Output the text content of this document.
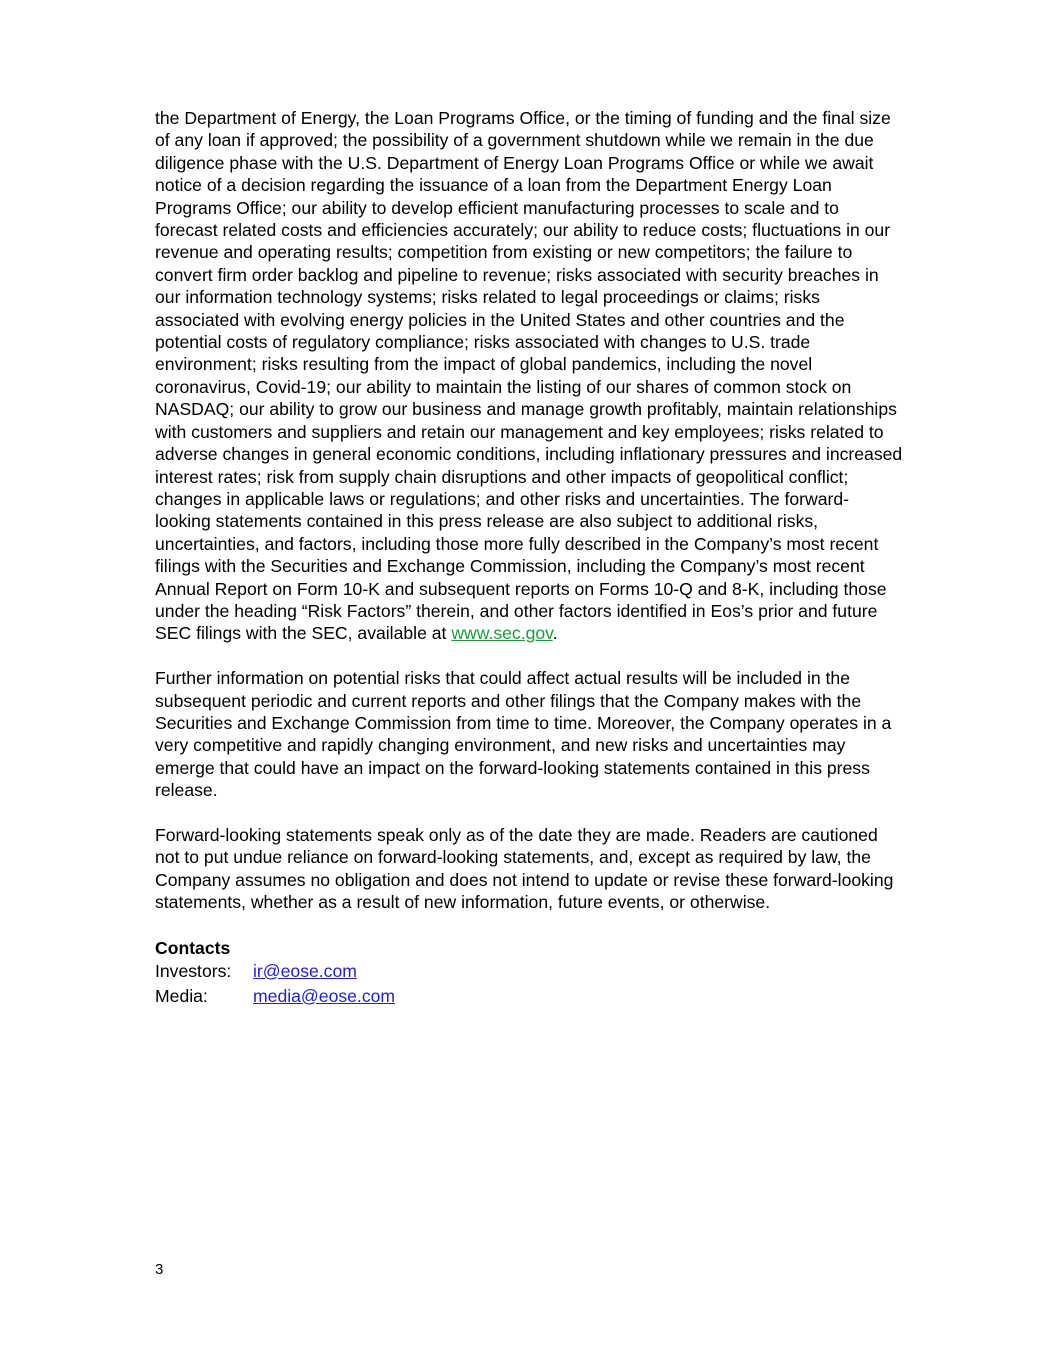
the Department of Energy, the Loan Programs Office, or the timing of funding and the final size
of any loan if approved; the possibility of a government shutdown while we remain in the due
diligence phase with the U.S. Department of Energy Loan Programs Office or while we await
notice of a decision regarding the issuance of a loan from the Department Energy Loan
Programs Office; our ability to develop efficient manufacturing processes to scale and to
forecast related costs and efficiencies accurately; our ability to reduce costs; fluctuations in our
revenue and operating results; competition from existing or new competitors; the failure to
convert firm order backlog and pipeline to revenue; risks associated with security breaches in
our information technology systems; risks related to legal proceedings or claims; risks
associated with evolving energy policies in the United States and other countries and the
potential costs of regulatory compliance; risks associated with changes to U.S. trade
environment; risks resulting from the impact of global pandemics, including the novel
coronavirus, Covid-19; our ability to maintain the listing of our shares of common stock on
NASDAQ; our ability to grow our business and manage growth profitably, maintain relationships
with customers and suppliers and retain our management and key employees; risks related to
adverse changes in general economic conditions, including inflationary pressures and increased
interest rates; risk from supply chain disruptions and other impacts of geopolitical conflict;
changes in applicable laws or regulations; and other risks and uncertainties. The forward-
looking statements contained in this press release are also subject to additional risks,
uncertainties, and factors, including those more fully described in the Company’s most recent
filings with the Securities and Exchange Commission, including the Company’s most recent
Annual Report on Form 10-K and subsequent reports on Forms 10-Q and 8-K, including those
under the heading “Risk Factors” therein, and other factors identified in Eos’s prior and future
SEC filings with the SEC, available at www.sec.gov.

Further information on potential risks that could affect actual results will be included in the
subsequent periodic and current reports and other filings that the Company makes with the
Securities and Exchange Commission from time to time. Moreover, the Company operates in a
very competitive and rapidly changing environment, and new risks and uncertainties may
emerge that could have an impact on the forward-looking statements contained in this press
release.

Forward-looking statements speak only as of the date they are made. Readers are cautioned
not to put undue reliance on forward-looking statements, and, except as required by law, the
Company assumes no obligation and does not intend to update or revise these forward-looking
statements, whether as a result of new information, future events, or otherwise.

Contacts
Investors:	ir@eose.com
Media:	media@eose.com
3
